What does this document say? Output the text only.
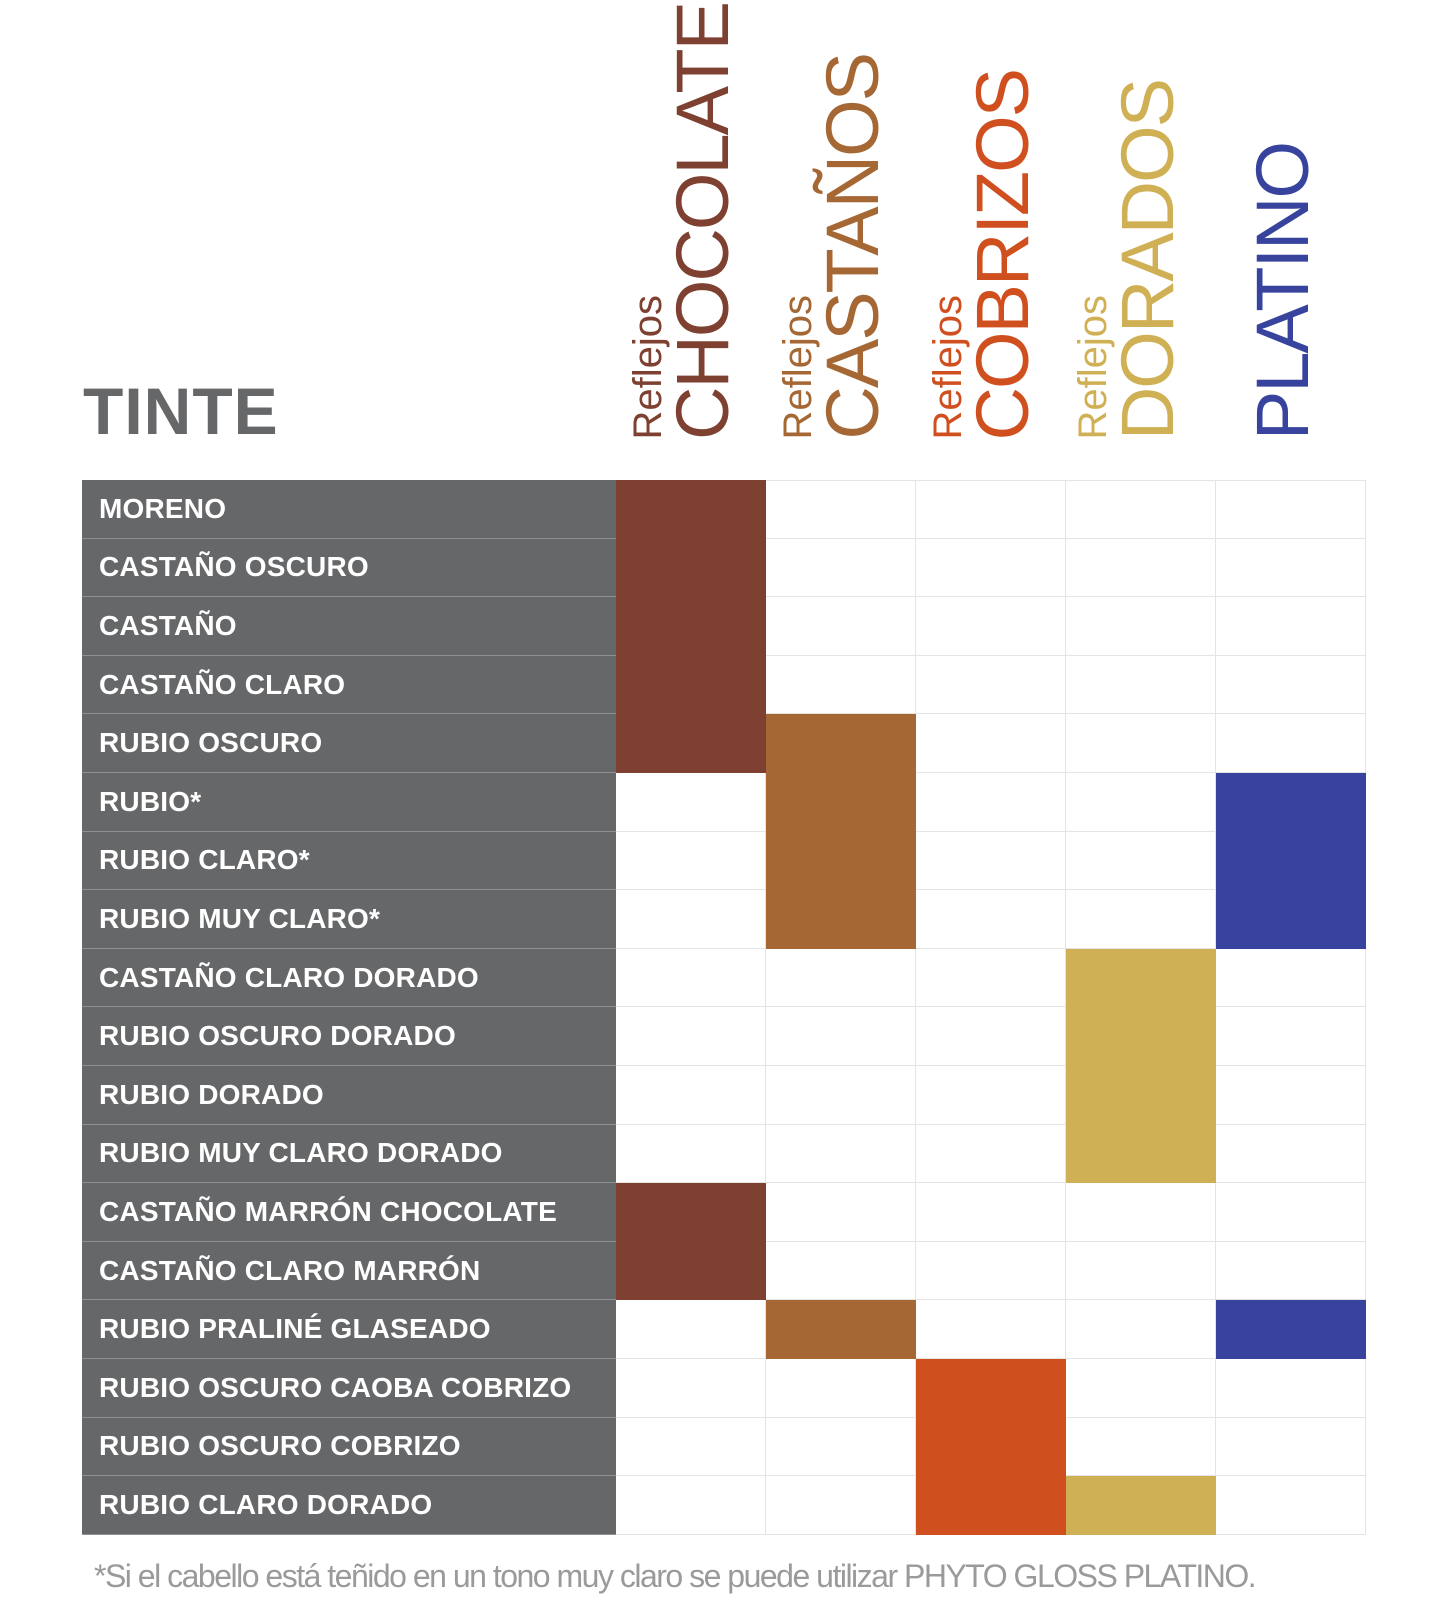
TINTE	Reflejos
CHOCOLATE Reflejos
CASTAÑOS Reflejos
COBRIZOS Reflejos
DORADOS PLATINO
MORENO
CASTAÑO OSCURO
CASTAÑO
CASTAÑO CLARO
RUBIO OSCURO
RUBIO*
RUBIO CLARO*
RUBIO MUY CLARO*
CASTAÑO CLARO DORADO
RUBIO OSCURO DORADO
RUBIO DORADO
RUBIO MUY CLARO DORADO
CASTAÑO MARRÓN CHOCOLATE
CASTAÑO CLARO MARRÓN
RUBIO PRALINÉ GLASEADO
RUBIO OSCURO CAOBA COBRIZO
RUBIO OSCURO COBRIZO
RUBIO CLARO DORADO
*Si el cabello está teñido en un tono muy claro se puede utilizar PHYTO GLOSS PLATINO.
